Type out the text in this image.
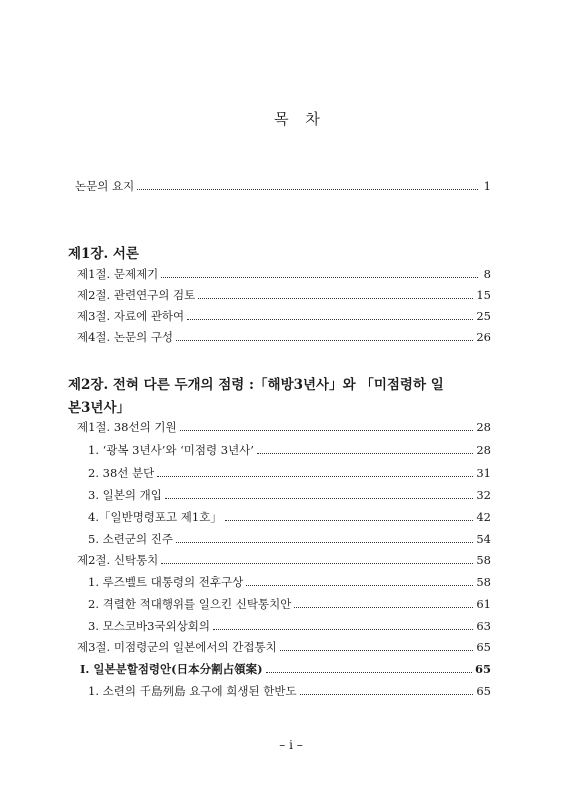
목 차
논문의 요지	1
제1장. 서론
제1절. 문제제기	8
제2절. 관련연구의 검토	15
제3절. 자료에 관하여	25
제4절. 논문의 구성	26
제2장. 전혀 다른 두개의 점령 :「해방3년사」와 「미점령하 일
본3년사」
제1절. 38선의 기원	28
1. ‘광복 3년사’와 ‘미점령 3년사’	28
2. 38선 분단	31
3. 일본의 개입	32
4.「일반명령포고 제1호」	42
5. 소련군의 진주	54
제2절. 신탁통치	58
1. 루즈벨트 대통령의 전후구상	58
2. 격렬한 적대행위를 일으킨 신탁통치안	61
3. 모스코바3국외상회의	63
제3절. 미점령군의 일본에서의 간접통치	65
I. 일본분할점령안(日本分割占領案)	65
1. 소련의 千島列島 요구에 희생된 한반도	65
– i –
